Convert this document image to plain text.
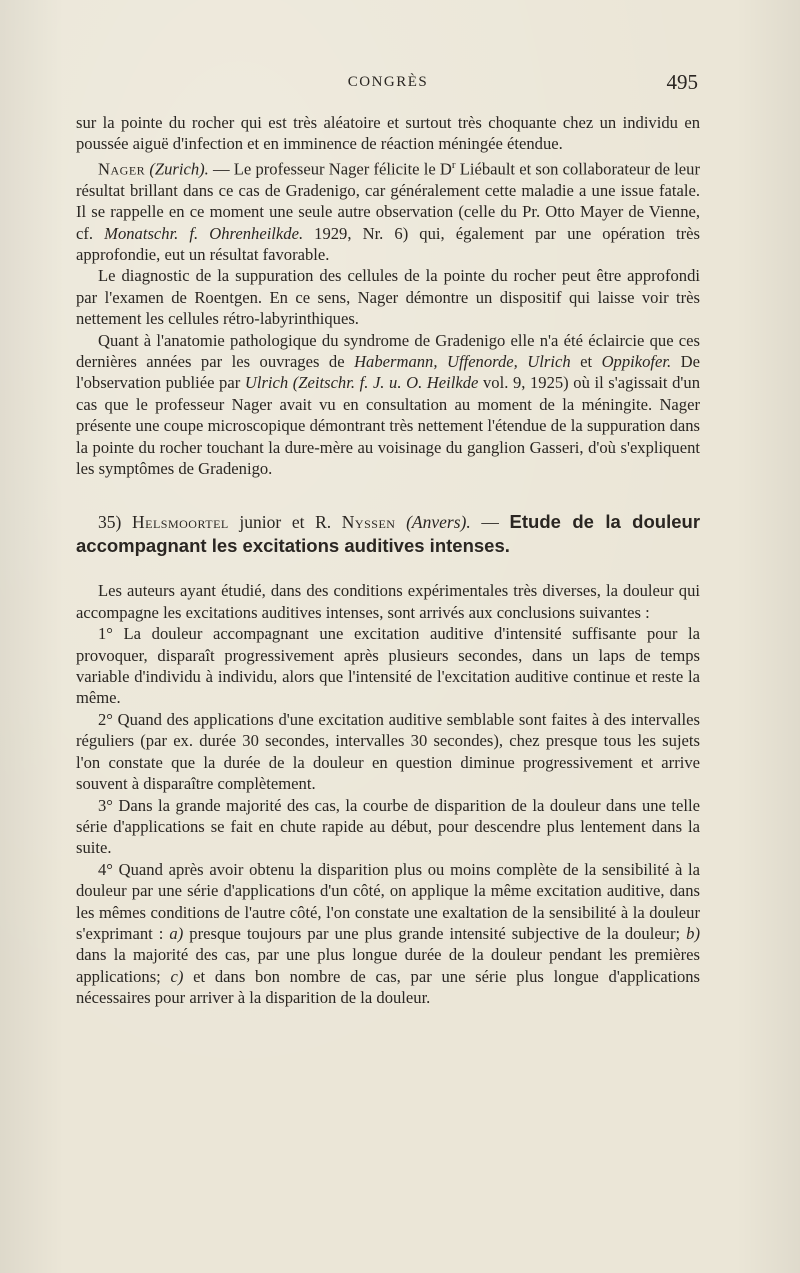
CONGRÈS	495

sur la pointe du rocher qui est très aléatoire et surtout très choquante chez un individu en poussée aiguë d'infection et en imminence de réaction méningée étendue.

Nager (Zurich). — Le professeur Nager félicite le $D^r$ Liébault et son collaborateur de leur résultat brillant dans ce cas de Gradenigo, car généralement cette maladie a une issue fatale. Il se rappelle en ce moment une seule autre observation (celle du Pr. Otto Mayer de Vienne, cf. Monatschr. f. Ohrenheilkde. 1929, Nr. 6) qui, également par une opération très approfondie, eut un résultat favorable.

Le diagnostic de la suppuration des cellules de la pointe du rocher peut être approfondi par l'examen de Roentgen. En ce sens, Nager démontre un dispositif qui laisse voir très nettement les cellules rétro-labyrinthiques.

Quant à l'anatomie pathologique du syndrome de Gradenigo elle n'a été éclaircie que ces dernières années par les ouvrages de Habermann, Uffenorde, Ulrich et Oppikofer. De l'observation publiée par Ulrich (Zeitschr. f. J. u. O. Heilkde vol. 9, 1925) où il s'agissait d'un cas que le professeur Nager avait vu en consultation au moment de la méningite. Nager présente une coupe microscopique démontrant très nettement l'étendue de la suppuration dans la pointe du rocher touchant la dure-mère au voisinage du ganglion Gasseri, d'où s'expliquent les symptômes de Gradenigo.

35) Helsmoortel junior et R. Nyssen (Anvers). — Etude de la douleur accompagnant les excitations auditives intenses.

Les auteurs ayant étudié, dans des conditions expérimentales très diverses, la douleur qui accompagne les excitations auditives intenses, sont arrivés aux conclusions suivantes :

1° La douleur accompagnant une excitation auditive d'intensité suffisante pour la provoquer, disparaît progressivement après plusieurs secondes, dans un laps de temps variable d'individu à individu, alors que l'intensité de l'excitation auditive continue et reste la même.

2° Quand des applications d'une excitation auditive semblable sont faites à des intervalles réguliers (par ex. durée 30 secondes, intervalles 30 secondes), chez presque tous les sujets l'on constate que la durée de la douleur en question diminue progressivement et arrive souvent à disparaître complètement.

3° Dans la grande majorité des cas, la courbe de disparition de la douleur dans une telle série d'applications se fait en chute rapide au début, pour descendre plus lentement dans la suite.

4° Quand après avoir obtenu la disparition plus ou moins complète de la sensibilité à la douleur par une série d'applications d'un côté, on applique la même excitation auditive, dans les mêmes conditions de l'autre côté, l'on constate une exaltation de la sensibilité à la douleur s'exprimant : a) presque toujours par une plus grande intensité subjective de la douleur; b) dans la majorité des cas, par une plus longue durée de la douleur pendant les premières applications; c) et dans bon nombre de cas, par une série plus longue d'applications nécessaires pour arriver à la disparition de la douleur.
